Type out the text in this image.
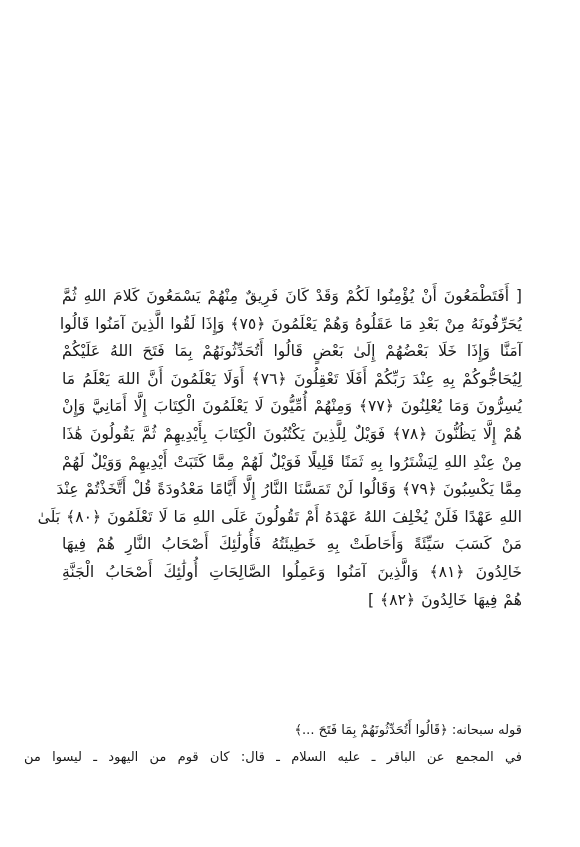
[ أَفَتَطْمَعُونَ أَنْ يُؤْمِنُوا لَكُمْ وَقَدْ كَانَ فَرِيقٌ مِنْهُمْ يَسْمَعُونَ كَلامَ اللهِ ثُمَّ
يُحَرِّفُونَهُ مِنْ بَعْدِ مَا عَقَلُوهُ وَهُمْ يَعْلَمُونَ ﴿٧٥﴾ وَإِذَا لَقُوا الَّذِينَ آمَنُوا قَالُوا
آمَنَّا وَإِذَا خَلَا بَعْضُهُمْ إِلَىٰ بَعْضٍ قَالُوا أَتُحَدِّثُونَهُمْ بِمَا فَتَحَ اللهُ عَلَيْكُمْ
لِيُحَاجُّوكُمْ بِهِ عِنْدَ رَبِّكُمْ أَفَلَا تَعْقِلُونَ ﴿٧٦﴾ أَوَلَا يَعْلَمُونَ أَنَّ اللهَ يَعْلَمُ مَا
يُسِرُّونَ وَمَا يُعْلِنُونَ ﴿٧٧﴾ وَمِنْهُمْ أُمِّيُّونَ لَا يَعْلَمُونَ الْكِتَابَ إِلَّا أَمَانِيَّ وَإِنْ
هُمْ إِلَّا يَظُنُّونَ ﴿٧٨﴾ فَوَيْلٌ لِلَّذِينَ يَكْتُبُونَ الْكِتَابَ بِأَيْدِيهِمْ ثُمَّ يَقُولُونَ هَٰذَا
مِنْ عِنْدِ اللهِ لِيَشْتَرُوا بِهِ ثَمَنًا قَلِيلًا فَوَيْلٌ لَهُمْ مِمَّا كَتَبَتْ أَيْدِيهِمْ وَوَيْلٌ لَهُمْ
مِمَّا يَكْسِبُونَ ﴿٧٩﴾ وَقَالُوا لَنْ تَمَسَّنَا النَّارُ إِلَّا أَيَّامًا مَعْدُودَةً قُلْ أَتَّخَذْتُمْ عِنْدَ
اللهِ عَهْدًا فَلَنْ يُخْلِفَ اللهُ عَهْدَهُ أَمْ تَقُولُونَ عَلَى اللهِ مَا لَا تَعْلَمُونَ ﴿٨٠﴾ بَلَىٰ
مَنْ كَسَبَ سَيِّئَةً وَأَحَاطَتْ بِهِ خَطِيئَتُهُ فَأُولَٰئِكَ أَصْحَابُ النَّارِ هُمْ فِيهَا
خَالِدُونَ ﴿٨١﴾ وَالَّذِينَ آمَنُوا وَعَمِلُوا الصَّالِحَاتِ أُولَٰئِكَ أَصْحَابُ الْجَنَّةِ
هُمْ فِيهَا خَالِدُونَ ﴿٨٢﴾ ]
قوله سبحانه: ﴿قَالُوا أَتُحَدِّثُونَهُمْ بِمَا فَتَحَ ...﴾
في المجمع عن الباقر ـ عليه السلام ـ قال: كان قوم من اليهود ـ ليسوا من
